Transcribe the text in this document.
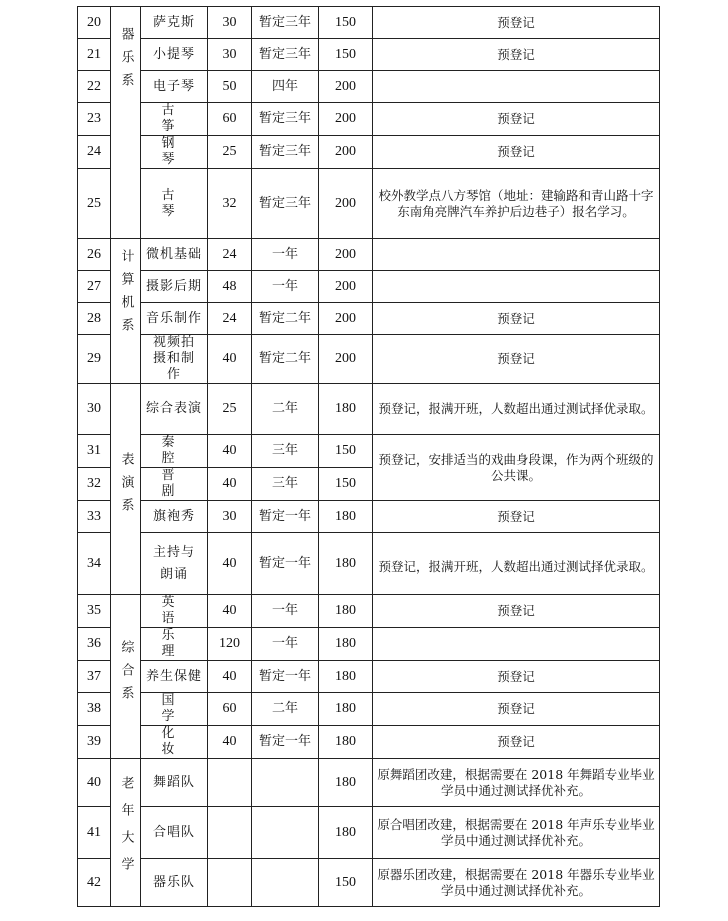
20	器乐系	萨克斯	30	暂定三年	150	预登记
21		小提琴	30	暂定三年	150	预登记
22		电子琴	50	四年	200	
23		古 筝	60	暂定三年	200	预登记
24		钢 琴	25	暂定三年	200	预登记
25		古 琴	32	暂定三年	200	校外教学点八方琴馆（地址：建输路和青山路十字东南角亮牌汽车养护后边巷子）报名学习。
26	计算机系	微机基础	24	一年	200	
27		摄影后期	48	一年	200	
28		音乐制作	24	暂定二年	200	预登记
29		视频拍摄和制作	40	暂定二年	200	预登记
30	表演系	综合表演	25	二年	180	预登记，报满开班，人数超出通过测试择优录取。
31		秦 腔	40	三年	150	预登记，安排适当的戏曲身段课，作为两个班级的公共课。
32		晋 剧	40	三年	150	
33		旗袍秀	30	暂定一年	180	预登记
34		主持与朗诵	40	暂定一年	180	预登记，报满开班，人数超出通过测试择优录取。
35	综合系	英 语	40	一年	180	预登记
36		乐 理	120	一年	180	
37		养生保健	40	暂定一年	180	预登记
38		国 学	60	二年	180	预登记
39		化 妆	40	暂定一年	180	预登记
40	老年大学	舞蹈队			180	原舞蹈团改建，根据需要在 2018 年舞蹈专业毕业学员中通过测试择优补充。
41		合唱队			180	原合唱团改建，根据需要在 2018 年声乐专业毕业学员中通过测试择优补充。
42		器乐队			150	原器乐团改建，根据需要在 2018 年器乐专业毕业学员中通过测试择优补充。
